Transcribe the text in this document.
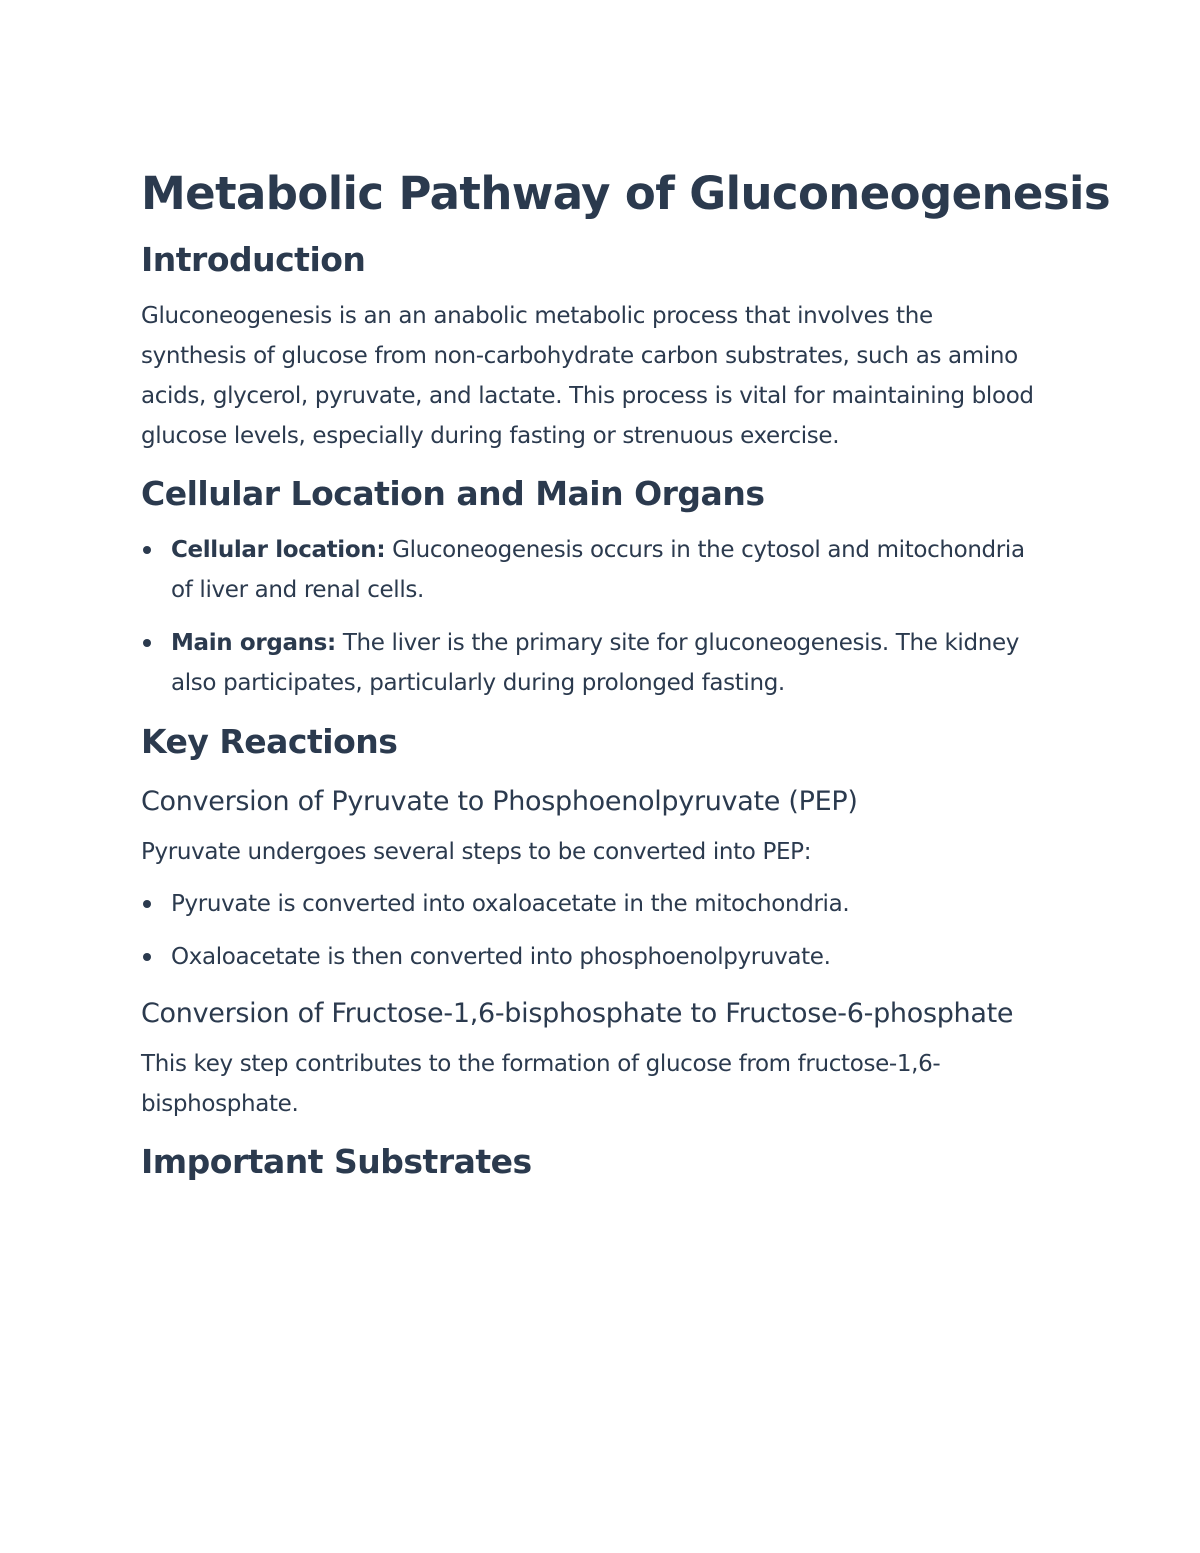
Metabolic Pathway of Gluconeogenesis
Introduction
Gluconeogenesis is an an anabolic metabolic process that involves the synthesis of glucose from non-carbohydrate carbon substrates, such as amino acids, glycerol, pyruvate, and lactate. This process is vital for maintaining blood glucose levels, especially during fasting or strenuous exercise.
Cellular Location and Main Organs
Cellular location: Gluconeogenesis occurs in the cytosol and mitochondria of liver and renal cells.
Main organs: The liver is the primary site for gluconeogenesis. The kidney also participates, particularly during prolonged fasting.
Key Reactions
Conversion of Pyruvate to Phosphoenolpyruvate (PEP)
Pyruvate undergoes several steps to be converted into PEP:
Pyruvate is converted into oxaloacetate in the mitochondria.
Oxaloacetate is then converted into phosphoenolpyruvate.
Conversion of Fructose-1,6-bisphosphate to Fructose-6-phosphate
This key step contributes to the formation of glucose from fructose-1,6-bisphosphate.
Important Substrates
